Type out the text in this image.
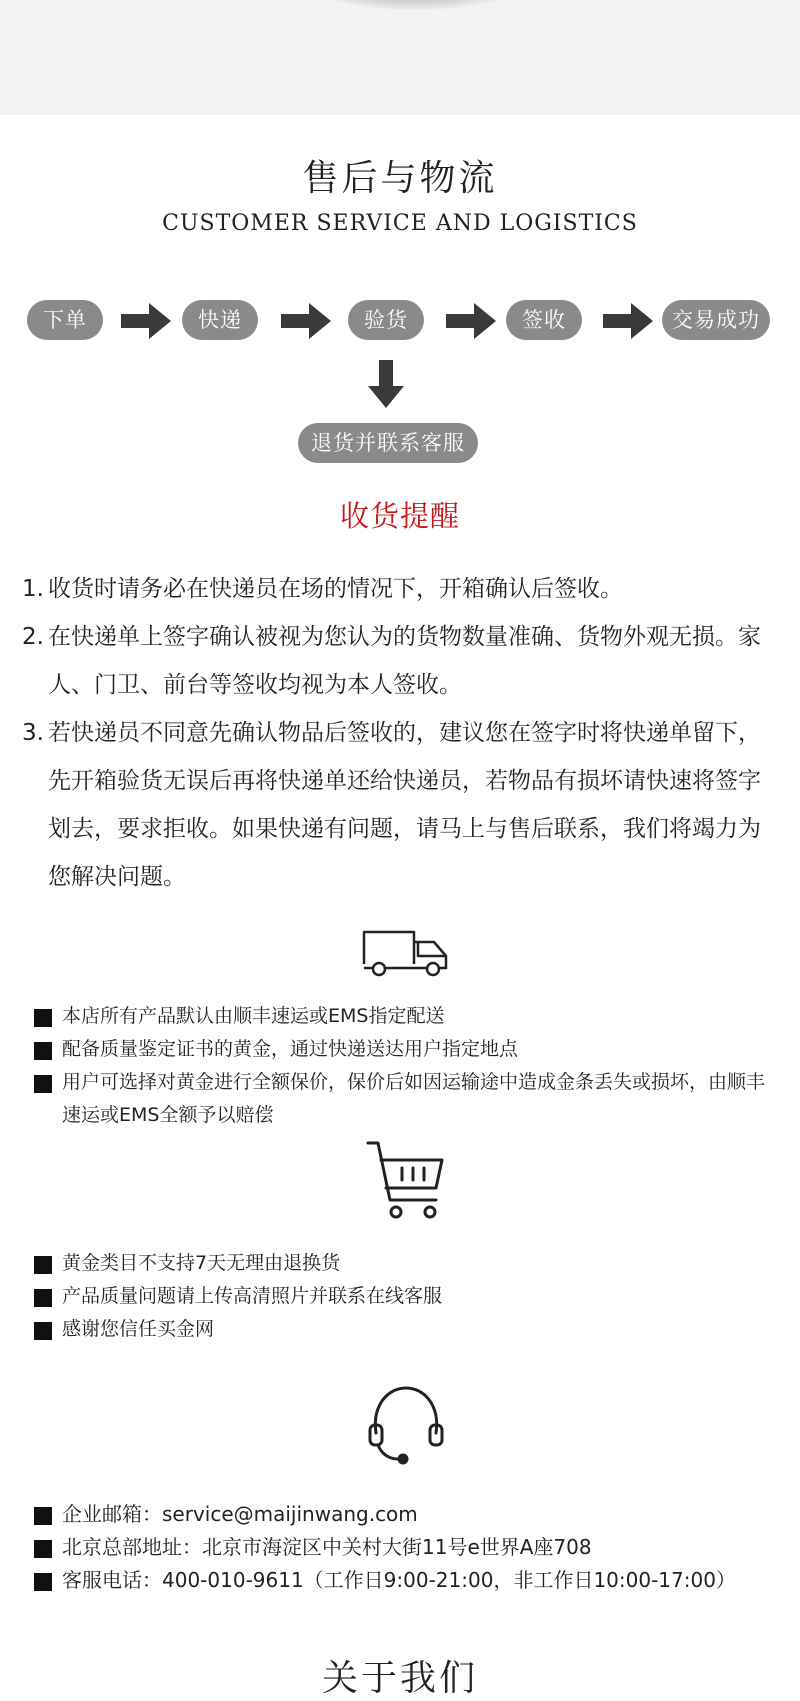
售后与物流
CUSTOMER SERVICE AND LOGISTICS
下单	快递	验货	签收	交易成功
退货并联系客服
收货提醒
1. 收货时请务必在快递员在场的情况下，开箱确认后签收。
2. 在快递单上签字确认被视为您认为的货物数量准确、货物外观无损。家人、门卫、前台等签收均视为本人签收。
3. 若快递员不同意先确认物品后签收的，建议您在签字时将快递单留下，先开箱验货无误后再将快递单还给快递员，若物品有损坏请快速将签字划去，要求拒收。如果快递有问题，请马上与售后联系，我们将竭力为您解决问题。
本店所有产品默认由顺丰速运或EMS指定配送
配备质量鉴定证书的黄金，通过快递送达用户指定地点
用户可选择对黄金进行全额保价，保价后如因运输途中造成金条丢失或损坏，由顺丰速运或EMS全额予以赔偿
黄金类目不支持7天无理由退换货
产品质量问题请上传高清照片并联系在线客服
感谢您信任买金网
企业邮箱：service@maijinwang.com
北京总部地址：北京市海淀区中关村大街11号e世界A座708
客服电话：400-010-9611（工作日9:00-21:00，非工作日10:00-17:00）
关于我们
